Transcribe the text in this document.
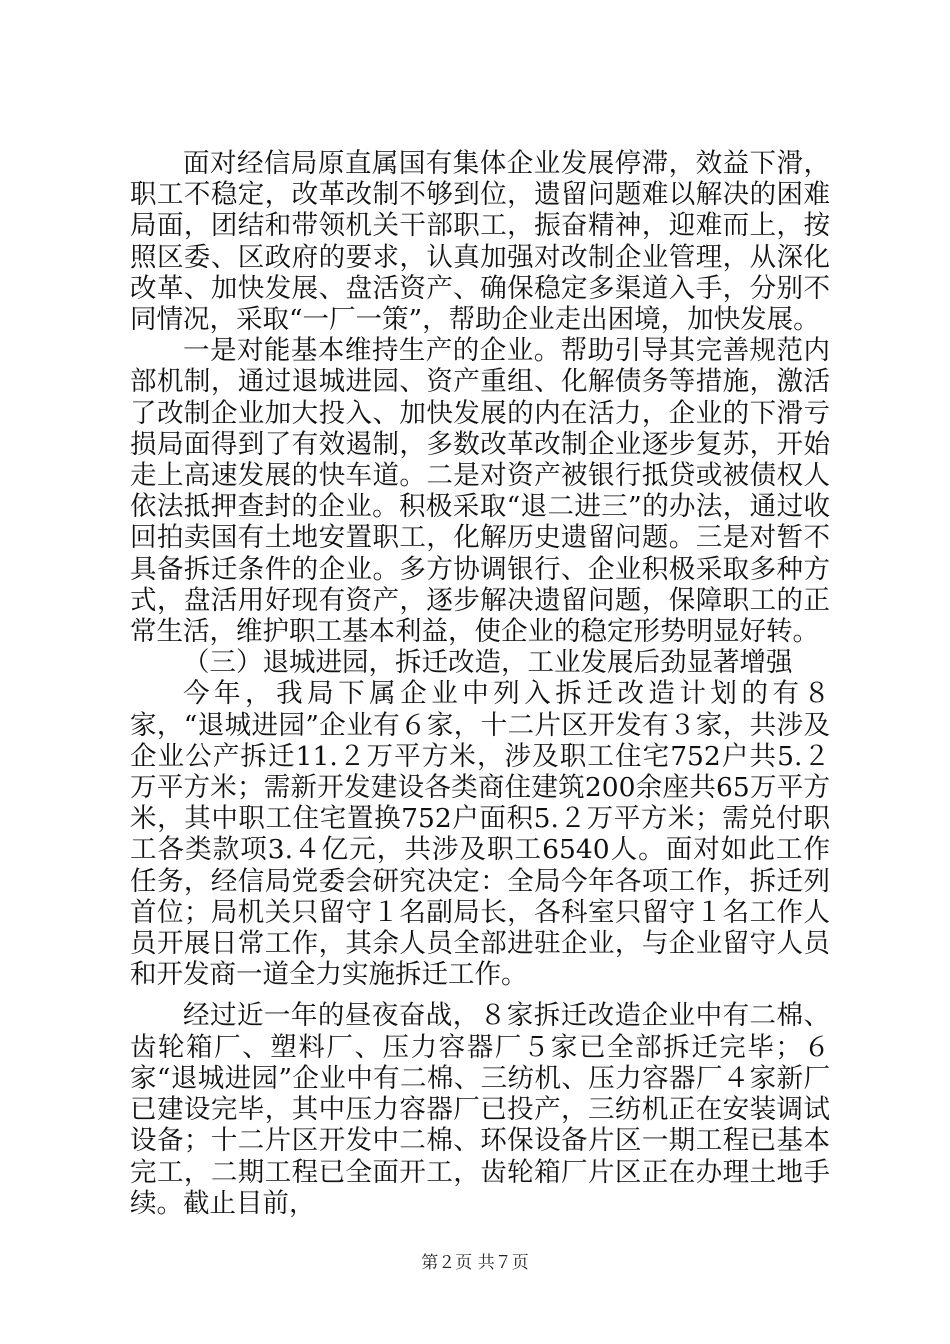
面对经信局原直属国有集体企业发展停滞，效益下滑，职工不稳定，改革改制不够到位，遗留问题难以解决的困难局面，团结和带领机关干部职工，振奋精神，迎难而上，按照区委、区政府的要求，认真加强对改制企业管理，从深化改革、加快发展、盘活资产、确保稳定多渠道入手，分别不同情况，采取“一厂一策”，帮助企业走出困境，加快发展。

一是对能基本维持生产的企业。帮助引导其完善规范内部机制，通过退城进园、资产重组、化解债务等措施，激活了改制企业加大投入、加快发展的内在活力，企业的下滑亏损局面得到了有效遏制，多数改革改制企业逐步复苏，开始走上高速发展的快车道。二是对资产被银行抵贷或被债权人依法抵押查封的企业。积极采取“退二进三”的办法，通过收回拍卖国有土地安置职工，化解历史遗留问题。三是对暂不具备拆迁条件的企业。多方协调银行、企业积极采取多种方式，盘活用好现有资产，逐步解决遗留问题，保障职工的正常生活，维护职工基本利益，使企业的稳定形势明显好转。

（三）退城进园，拆迁改造，工业发展后劲显著增强

今年，我局下属企业中列入拆迁改造计划的有８家，“退城进园”企业有６家，十二片区开发有３家，共涉及企业公产拆迁11.２万平方米，涉及职工住宅752户共5.２万平方米；需新开发建设各类商住建筑200余座共65万平方米，其中职工住宅置换752户面积5.２万平方米；需兑付职工各类款项3.４亿元，共涉及职工6540人。面对如此工作任务，经信局党委会研究决定：全局今年各项工作，拆迁列首位；局机关只留守１名副局长，各科室只留守１名工作人员开展日常工作，其余人员全部进驻企业，与企业留守人员和开发商一道全力实施拆迁工作。

经过近一年的昼夜奋战，８家拆迁改造企业中有二棉、齿轮箱厂、塑料厂、压力容器厂５家已全部拆迁完毕；６家“退城进园”企业中有二棉、三纺机、压力容器厂４家新厂已建设完毕，其中压力容器厂已投产，三纺机正在安装调试设备；十二片区开发中二棉、环保设备片区一期工程已基本完工，二期工程已全面开工，齿轮箱厂片区正在办理土地手续。截止目前，

第２页 共７页
